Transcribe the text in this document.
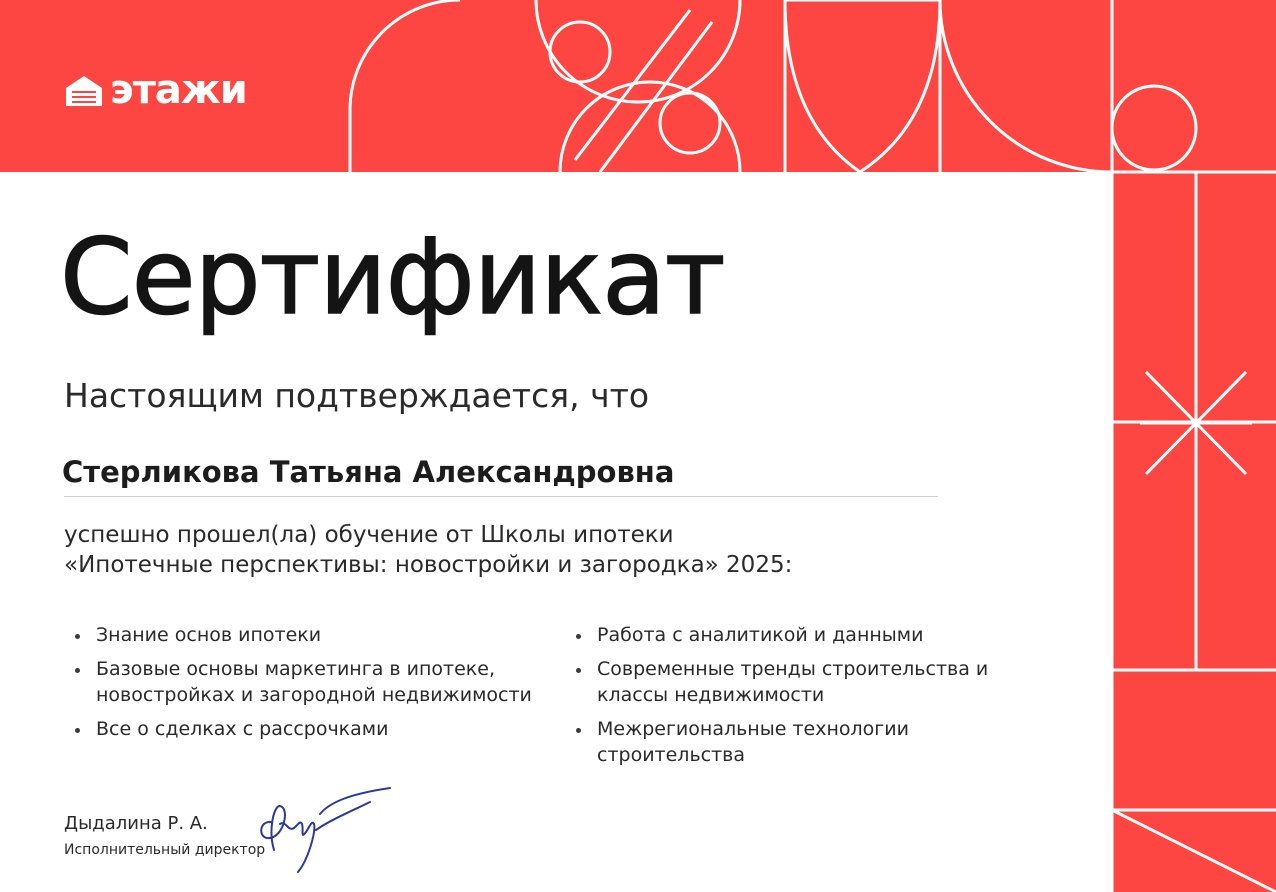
этажи
Сертификат
Настоящим подтверждается, что
Стерликова Татьяна Александровна
успешно прошел(ла) обучение от Школы ипотеки
«Ипотечные перспективы: новостройки и загородка» 2025:
Знание основ ипотеки
Базовые основы маркетинга в ипотеке, новостройках и загородной недвижимости
Все о сделках с рассрочками
Работа с аналитикой и данными
Современные тренды строительства и классы недвижимости
Межрегиональные технологии строительства
Дыдалина Р. А.
Исполнительный директор
